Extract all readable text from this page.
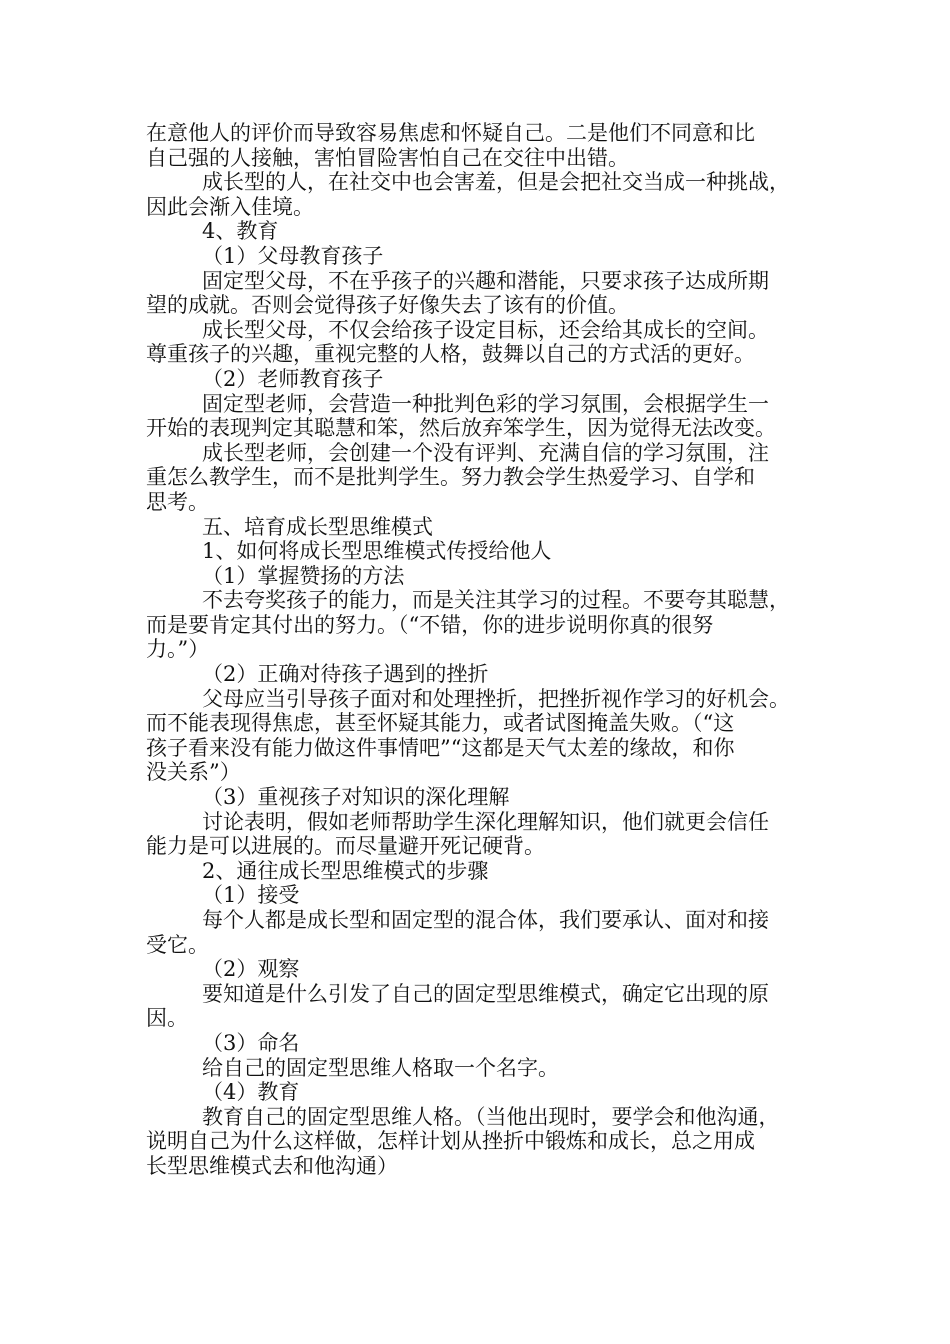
在意他人的评价而导致容易焦虑和怀疑自己。二是他们不同意和比
自己强的人接触，害怕冒险害怕自己在交往中出错。
成长型的人，在社交中也会害羞，但是会把社交当成一种挑战，
因此会渐入佳境。
4、教育
（1）父母教育孩子
固定型父母，不在乎孩子的兴趣和潜能，只要求孩子达成所期
望的成就。否则会觉得孩子好像失去了该有的价值。
成长型父母，不仅会给孩子设定目标，还会给其成长的空间。
尊重孩子的兴趣，重视完整的人格，鼓舞以自己的方式活的更好。
（2）老师教育孩子
固定型老师，会营造一种批判色彩的学习氛围，会根据学生一
开始的表现判定其聪慧和笨，然后放弃笨学生，因为觉得无法改变。
成长型老师，会创建一个没有评判、充满自信的学习氛围，注
重怎么教学生，而不是批判学生。努力教会学生热爱学习、自学和
思考。
五、培育成长型思维模式
1、如何将成长型思维模式传授给他人
（1）掌握赞扬的方法
不去夸奖孩子的能力，而是关注其学习的过程。不要夸其聪慧，
而是要肯定其付出的努力。（“不错，你的进步说明你真的很努
力。”）
（2）正确对待孩子遇到的挫折
父母应当引导孩子面对和处理挫折，把挫折视作学习的好机会。
而不能表现得焦虑，甚至怀疑其能力，或者试图掩盖失败。（“这
孩子看来没有能力做这件事情吧”“这都是天气太差的缘故，和你
没关系”）
（3）重视孩子对知识的深化理解
讨论表明，假如老师帮助学生深化理解知识，他们就更会信任
能力是可以进展的。而尽量避开死记硬背。
2、通往成长型思维模式的步骤
（1）接受
每个人都是成长型和固定型的混合体，我们要承认、面对和接
受它。
（2）观察
要知道是什么引发了自己的固定型思维模式，确定它出现的原
因。
（3）命名
给自己的固定型思维人格取一个名字。
（4）教育
教育自己的固定型思维人格。（当他出现时，要学会和他沟通，
说明自己为什么这样做，怎样计划从挫折中锻炼和成长，总之用成
长型思维模式去和他沟通）
